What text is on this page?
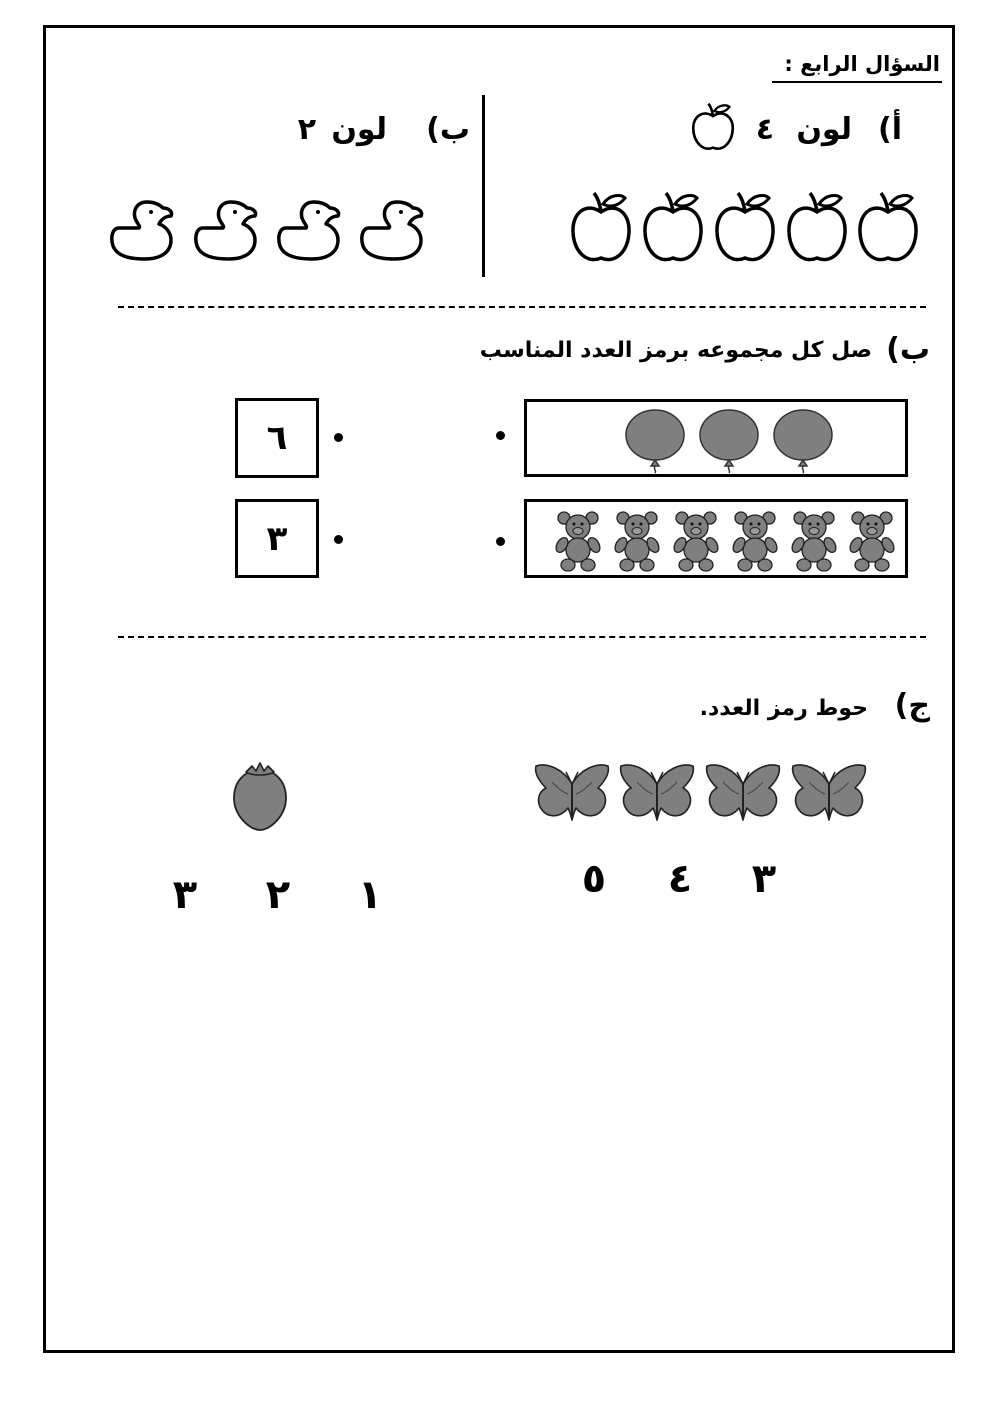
السؤال الرابع :
أ)
لون
٤
ب)
لون
٢
ب)
صل كل مجموعه برمز العدد المناسب
٦
٣
ج)
حوط رمز العدد.
٣
٤
٥
١
٢
٣
